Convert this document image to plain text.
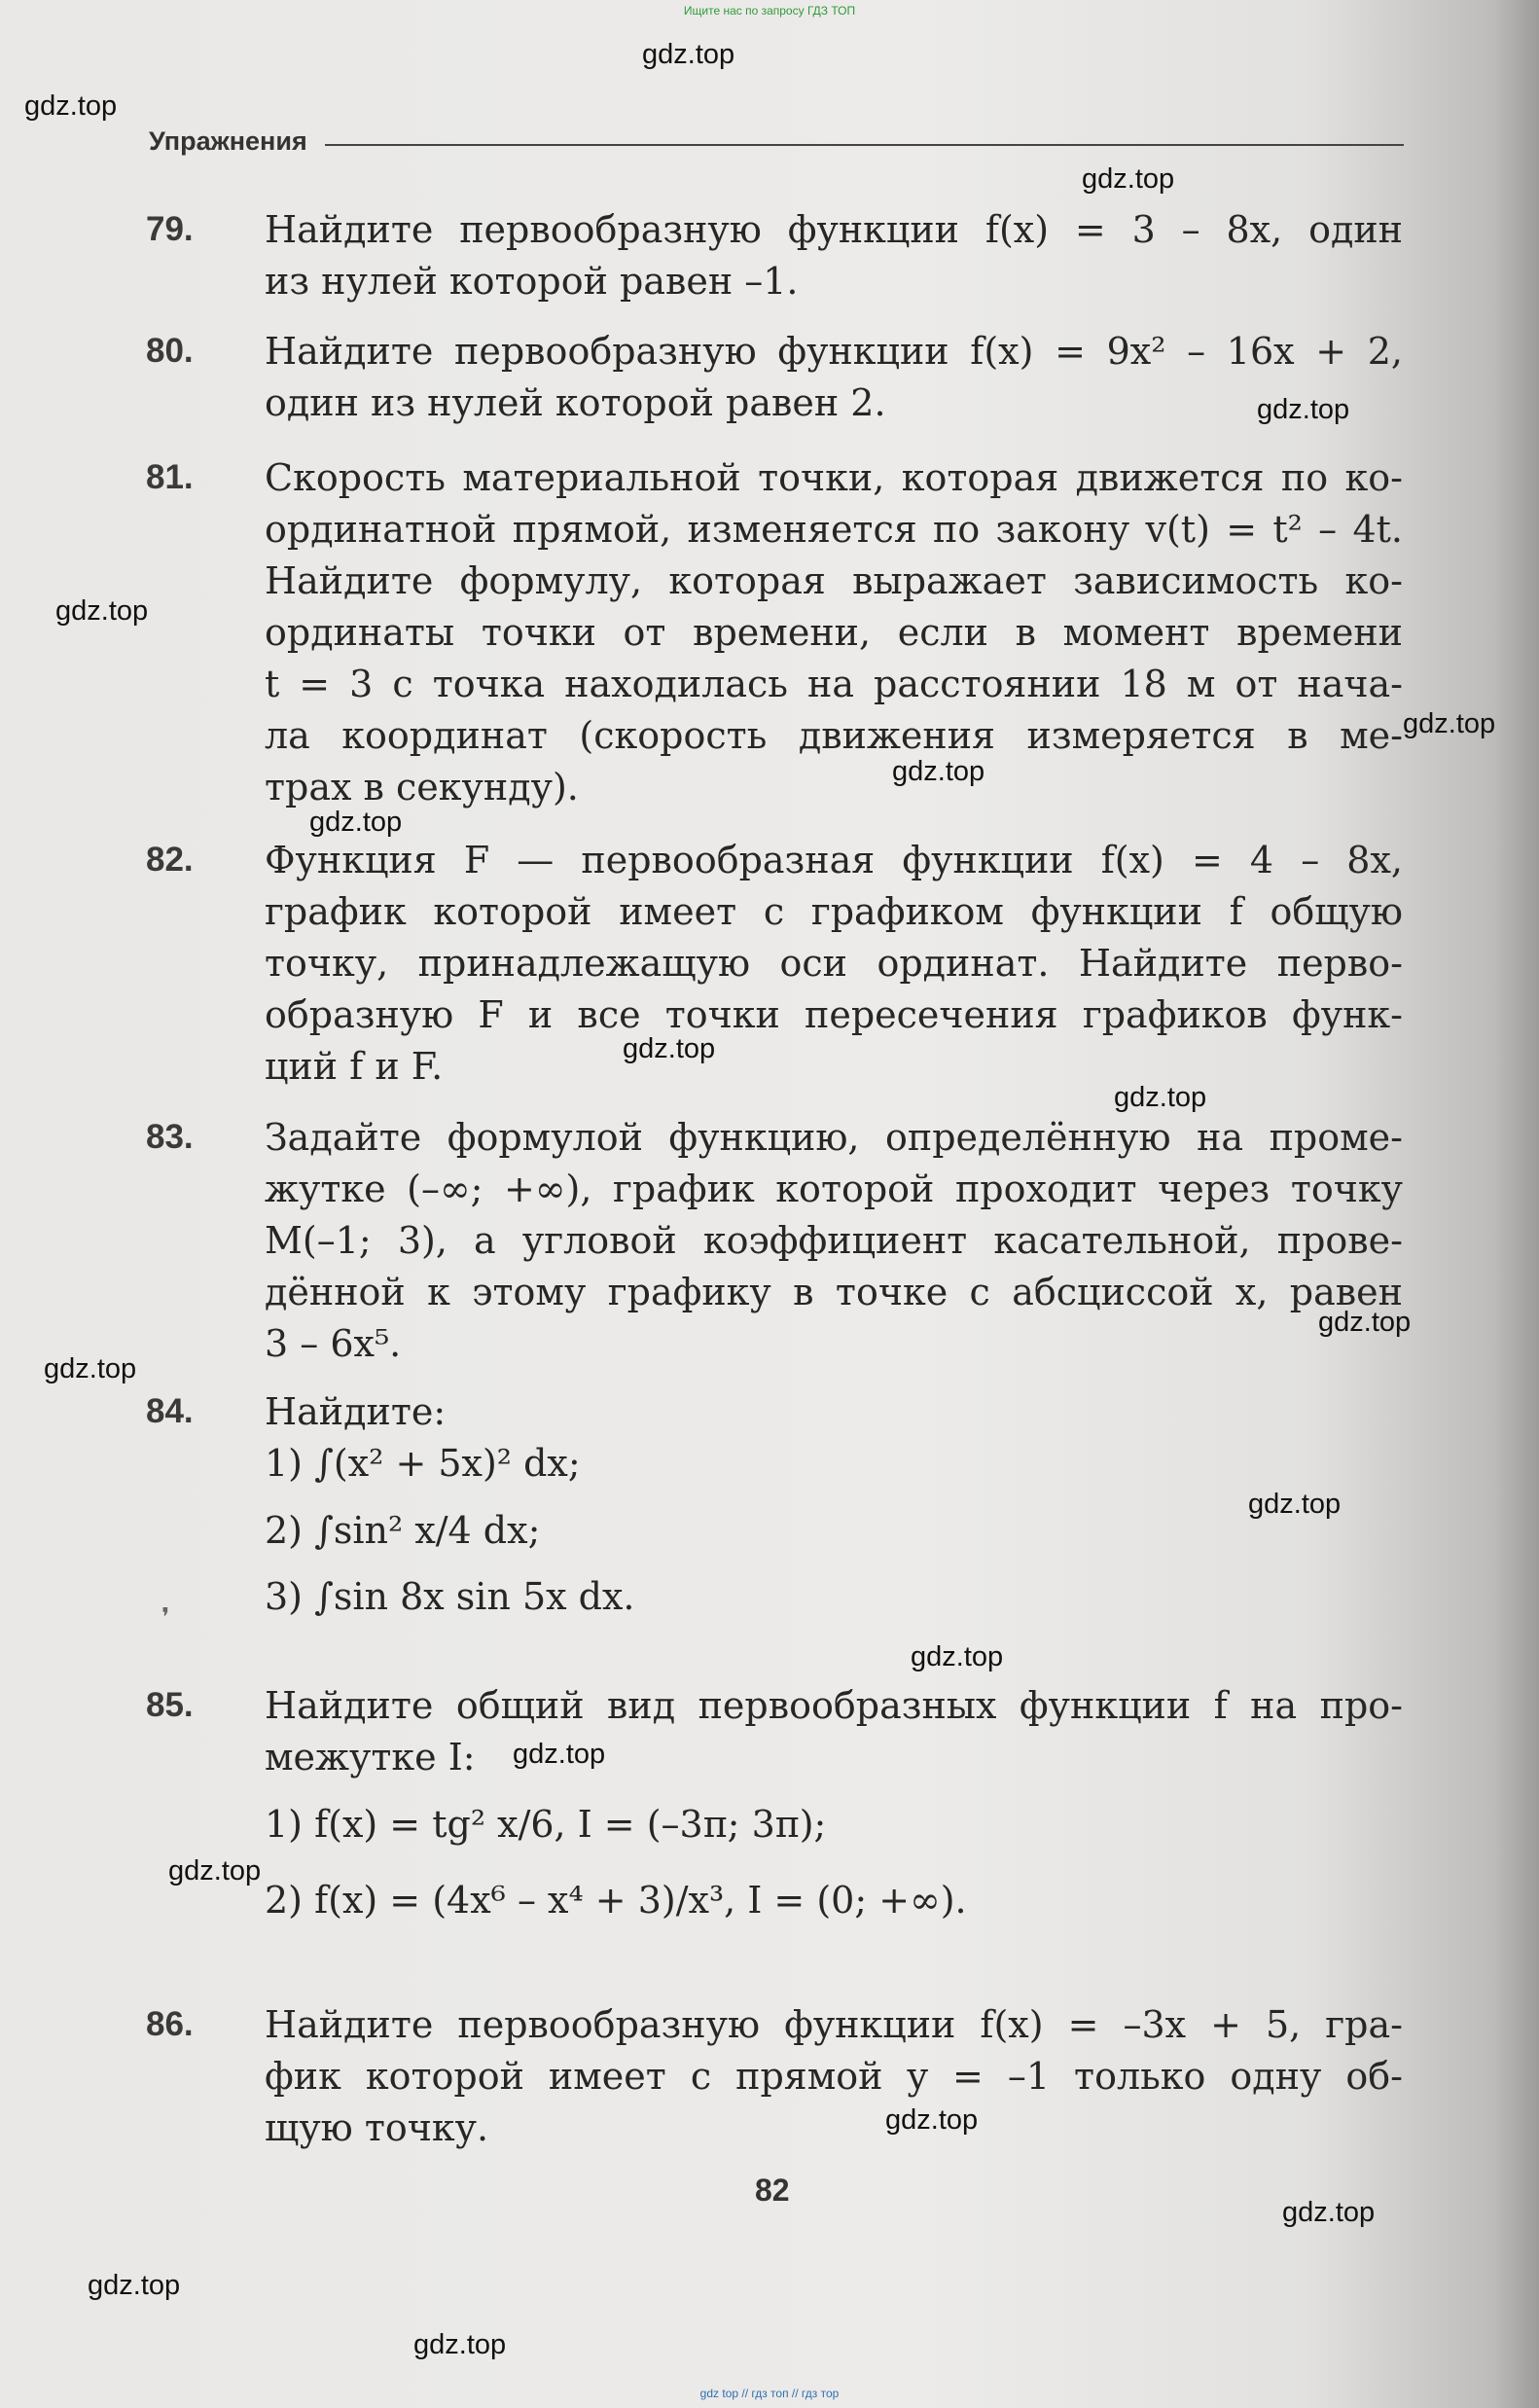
Ищите нас по запросу ГДЗ ТОП
gdz.top
gdz.top
gdz.top
gdz.top
gdz.top
gdz.top
gdz.top
gdz.top
gdz.top
gdz.top
gdz.top
gdz.top
gdz.top
gdz.top
gdz.top
gdz.top
gdz.top
gdz.top
gdz.top
gdz.top
Упражнения
79. Найдите первообразную функции f(x) = 3 – 8x, один
из нулей которой равен –1.
80. Найдите первообразную функции f(x) = 9x² – 16x + 2,
один из нулей которой равен 2.
81. Скорость материальной точки, которая движется по ко-
ординатной прямой, изменяется по закону v(t) = t² – 4t.
Найдите формулу, которая выражает зависимость ко-
ординаты точки от времени, если в момент времени
t = 3 с точка находилась на расстоянии 18 м от нача-
ла координат (скорость движения измеряется в ме-
трах в секунду).
82. Функция F — первообразная функции f(x) = 4 – 8x,
график которой имеет с графиком функции f общую
точку, принадлежащую оси ординат. Найдите перво-
образную F и все точки пересечения графиков функ-
ций f и F.
83. Задайте формулой функцию, определённую на проме-
жутке (–∞; +∞), график которой проходит через точку
M(–1; 3), а угловой коэффициент касательной, прове-
дённой к этому графику в точке с абсциссой x, равен
3 – 6x⁵.
84. Найдите:
1) ∫(x² + 5x)² dx;
2) ∫sin² x/4 dx;
3) ∫sin 8x sin 5x dx.
❜
85. Найдите общий вид первообразных функции f на про-
межутке I:
1) f(x) = tg² x/6, I = (–3π; 3π);
2) f(x) = (4x⁶ – x⁴ + 3)/x³, I = (0; +∞).
86. Найдите первообразную функции f(x) = –3x + 5, гра-
фик которой имеет с прямой y = –1 только одну об-
щую точку.
82
gdz top // гдз топ // гдз тор
